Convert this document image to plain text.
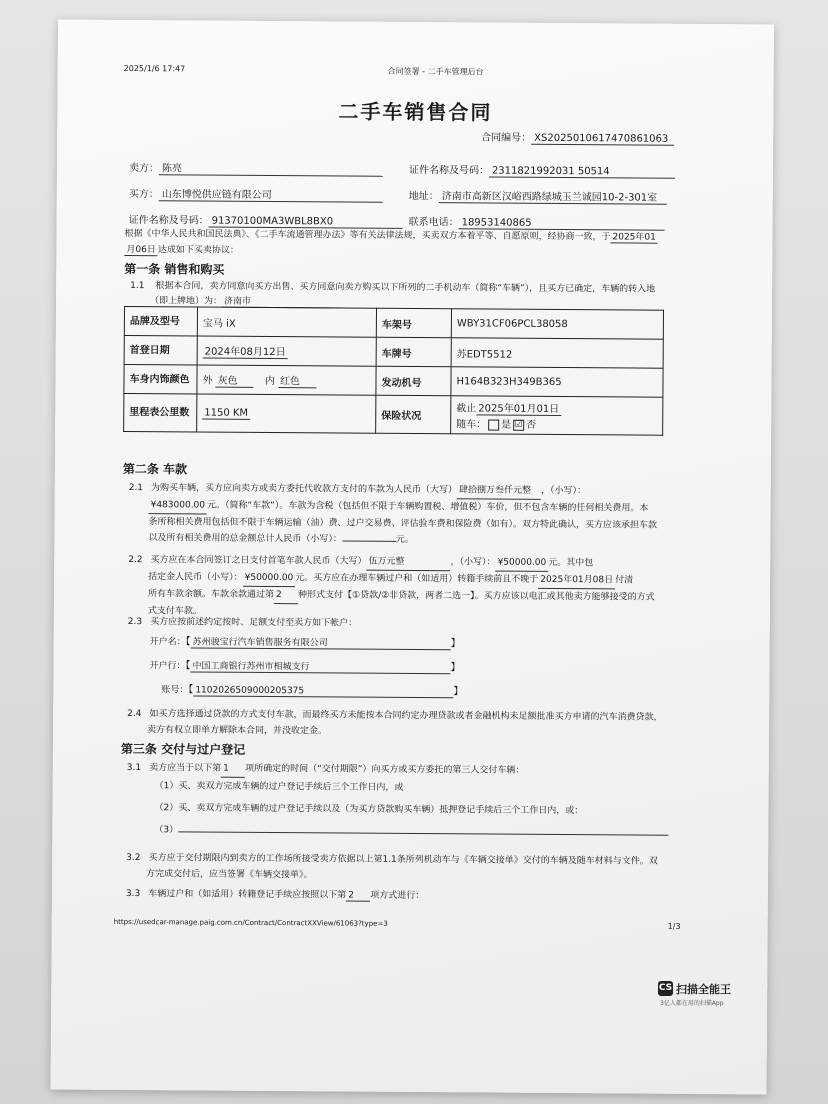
2025/1/6 17:47	合同签署 - 二手车管理后台
二手车销售合同
合同编号： XS2025010617470861063
卖方： 陈亮	证件名称及号码： 2311821992031 50514
买方： 山东博悦供应链有限公司	地址： 济南市高新区汉峪西路绿城玉兰诚园10-2-301室
证件名称及号码： 91370100MA3WBL8BX0	联系电话： 18953140865
根据《中华人民共和国民法典》、《二手车流通管理办法》等有关法律法规，买卖双方本着平等、自愿原则，经协商一致，于 2025年01
月06日 达成如下买卖协议：
第一条 销售和购买
1.1 根据本合同，卖方同意向买方出售、买方同意向卖方购买以下所列的二手机动车（简称“车辆”），且买方已确定，车辆的转入地
（即上牌地）为： 济南市
品牌及型号	宝马 iX	车架号	WBY31CF06PCL38058
首登日期	2024年08月12日	车牌号	苏EDT5512
车身内饰颜色	外 灰色 内 红色	发动机号	H164B323H349B365
里程表公里数	1150 KM	保险状况	截止 2025年01月01日
随车： 是 ☑ 否
第二条 车款
2.1 为购买车辆，买方应向卖方或卖方委托代收款方支付的车款为人民币（大写） 肆拾捌万叁仟元整 ，（小写）：
¥483000.00 元。（简称“车款”）。车款为含税（包括但不限于车辆购置税、增值税）车价，但不包含车辆的任何相关费用。本
条所称相关费用包括但不限于车辆运输（油）费、过户交易费、评估验车费和保险费（如有）。双方特此确认，买方应该承担车款
以及所有相关费用的总金额总计人民币（小写）：	元。
2.2 买方应在本合同签订之日支付首笔车款人民币（大写） 伍万元整	，（小写）： ¥50000.00 元。其中包
括定金人民币（小写）： ¥50000.00 元。买方应在办理车辆过户和（如适用）转籍手续前且不晚于 2025年01月08日 付清
所有车款余额。车款余款通过第 2 种形式支付【①贷款/②非贷款，两者二选一】。买方应该以电汇或其他卖方能够接受的方式
式支付车款。
2.3 买方应按前述约定按时、足额支付至卖方如下帐户：
开户名：【 苏州骏宝行汽车销售服务有限公司	】
开户行：【 中国工商银行苏州市相城支行	】
账号：【 1102026509000205375	】
2.4 如买方选择通过贷款的方式支付车款，而最终买方未能按本合同约定办理贷款或者金融机构未足额批准买方申请的汽车消费贷款，
卖方有权立即单方解除本合同，并没收定金。
第三条 交付与过户登记
3.1 卖方应当于以下第 1 项所确定的时间（“交付期限”）向买方或买方委托的第三人交付车辆：
（1）买、卖双方完成车辆的过户登记手续后三个工作日内，或
（2）买、卖双方完成车辆的过户登记手续以及（为买方贷款购买车辆）抵押登记手续后三个工作日内，或：
（3）
3.2 买方应于交付期限内到卖方的工作场所接受卖方依据以上第1.1条所列机动车与《车辆交接单》交付的车辆及随车材料与文件。双
方完成交付后，应当签署《车辆交接单》。
3.3 车辆过户和（如适用）转籍登记手续应按照以下第 2 项方式进行：
https://usedcar-manage.paig.com.cn/Contract/ContractXXView/61063?type=3	1/3
CS 扫描全能王
3亿人都在用的扫描App
